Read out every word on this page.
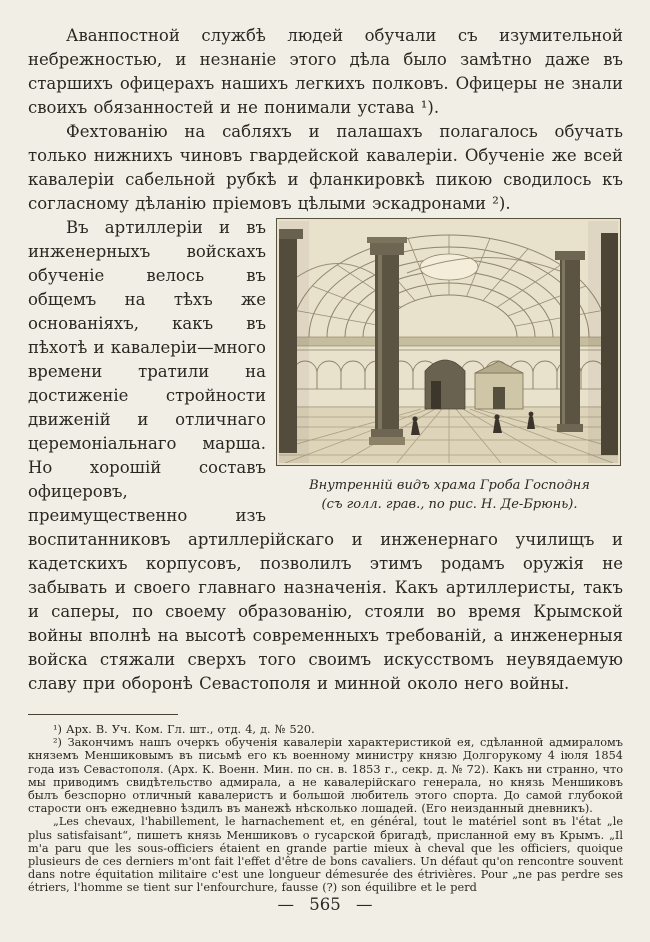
Аванпостной службѣ людей обучали съ изумительной небрежностью, и незнаніе этого дѣла было замѣтно даже въ старшихъ офицерахъ нашихъ легкихъ полковъ. Офицеры не знали своихъ обязанностей и не понимали устава ¹).

Фехтованію на сабляхъ и палашахъ полагалось обучать только нижнихъ чиновъ гвардейской кавалеріи. Обученіе же всей кавалеріи сабельной рубкѣ и фланкировкѣ пикою сводилось къ согласному дѣланію пріемовъ цѣлыми эскадронами ²).

Внутренній видъ храма Гроба Господня
(съ голл. грав., по рис. Н. Де-Брюнь).

Въ артиллеріи и въ инженерныхъ войскахъ обученіе велось въ общемъ на тѣхъ же основаніяхъ, какъ въ пѣхотѣ и кавалеріи—много времени тратили на достиженіе стройности движеній и отличнаго церемоніальнаго марша. Но хорошій составъ офицеровъ, преимущественно изъ воспитанниковъ артиллерійскаго и инженернаго училищъ и кадетскихъ корпусовъ, позволилъ этимъ родамъ оружія не забывать и своего главнаго назначенія. Какъ артиллеристы, такъ и саперы, по своему образованію, стояли во время Крымской войны вполнѣ на высотѣ современныхъ требованій, а инженерныя войска стяжали сверхъ того своимъ искусствомъ неувядаемую славу при оборонѣ Севастополя и минной около него войны.

¹) Арх. В. Уч. Ком. Гл. шт., отд. 4, д. № 520.

²) Закончимъ нашъ очеркъ обученія кавалеріи характеристикой ея, сдѣланной адмираломъ княземъ Меншиковымъ въ письмѣ его къ военному министру князю Долгорукому 4 іюля 1854 года изъ Севастополя. (Арх. К. Военн. Мин. по сн. в. 1853 г., секр. д. № 72). Какъ ни странно, что мы приводимъ свидѣтельство адмирала, а не кавалерійскаго генерала, но князь Меншиковъ былъ безспорно отличный кавалеристъ и большой любитель этого спорта. До самой глубокой старости онъ ежедневно ѣздилъ въ манежѣ нѣсколько лошадей. (Его неизданный дневникъ).

„Les chevaux, l'habillement, le harnachement et, en général, tout le matériel sont въ l'état „le plus satisfaisant“, пишетъ князь Меншиковъ о гусарской бригадѣ, присланной ему въ Крымъ. „Il m'a paru que les sous-officiers étaient en grande partie mieux à cheval que les officiers, quoique plusieurs de ces derniers m'ont fait l'effet d'être de bons cavaliers. Un défaut qu'on rencontre souvent dans notre équitation militaire c'est une longueur démesurée des étrivières. Pour „ne pas perdre ses étriers, l'homme se tient sur l'enfourchure, fausse (?) son équilibre et le perd

— 565 —
